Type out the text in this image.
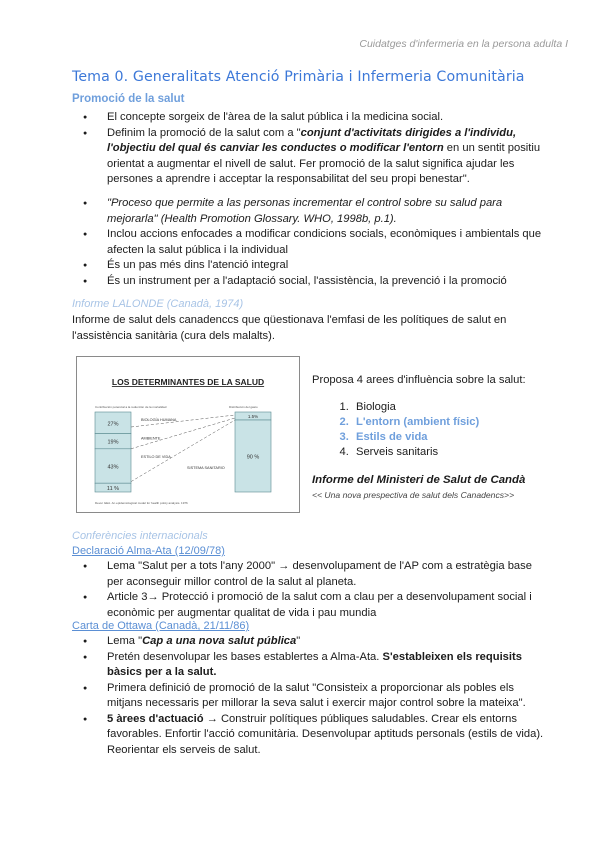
Cuidatges d'infermeria en la persona adulta I
Tema 0. Generalitats Atenció Primària i Infermeria Comunitària
Promoció de la salut
● El concepte sorgeix de l'àrea de la salut pública i la medicina social.
● Definim la promoció de la salut com a "conjunt d'activitats dirigides a l'individu, l'objectiu del qual és canviar les conductes o modificar l'entorn en un sentit positiu orientat a augmentar el nivell de salut. Fer promoció de la salut significa ajudar les persones a aprendre i acceptar la responsabilitat del seu propi benestar".
● "Proceso que permite a las personas incrementar el control sobre su salud para mejorarla" (Health Promotion Glossary. WHO, 1998b, p.1).
● Inclou accions enfocades a modificar condicions socials, econòmiques i ambientals que afecten la salut pública i la individual
● És un pas més dins l'atenció integral
● És un instrument per a l'adaptació social, l'assistència, la prevenció i la promoció
Informe LALONDE (Canadà, 1974)
Informe de salut dels canadenccs que qüestionava l'emfasi de les polítiques de salut en l'assistència sanitària (cura dels malalts).
LOS DETERMINANTES DE LA SALUD
27%
19%
43%
11 %
Contribución potencial a la reducción de la mortalidad
1.5%
90 %
Distribución del gasto
BIOLOGÍA HUMANA
AMBIENTE
ESTILO DE VIDA
SISTEMA SANITARIO
Dever GEA. An epidemiological model for health policy analysis. 1976
Proposa 4 arees d'influència sobre la salut:
1. Biologia
2. L'entorn (ambient físic)
3. Estils de vida
4. Serveis sanitaris
Informe del Ministeri de Salut de Candà
<< Una nova prespectiva de salut dels Canadencs>>
Conferències internacionals
Declaració Alma-Ata (12/09/78)
● Lema "Salut per a tots l'any 2000" → desenvolupament de l'AP com a estratègia base per aconseguir millor control de la salut al planeta.
● Article 3→ Protecció i promoció de la salut com a clau per a desenvolupament social i econòmic per augmentar qualitat de vida i pau mundia
Carta de Ottawa (Canadà, 21/11/86)
● Lema "Cap a una nova salut pública"
● Pretén desenvolupar les bases establertes a Alma-Ata. S'estableixen els requisits bàsics per a la salut.
● Primera definició de promoció de la salut "Consisteix a proporcionar als pobles els mitjans necessaris per millorar la seva salut i exercir major control sobre la mateixa".
● 5 àrees d'actuació → Construir polítiques públiques saludables. Crear els entorns favorables. Enfortir l'acció comunitària. Desenvolupar aptituds personals (estils de vida). Reorientar els serveis de salut.
